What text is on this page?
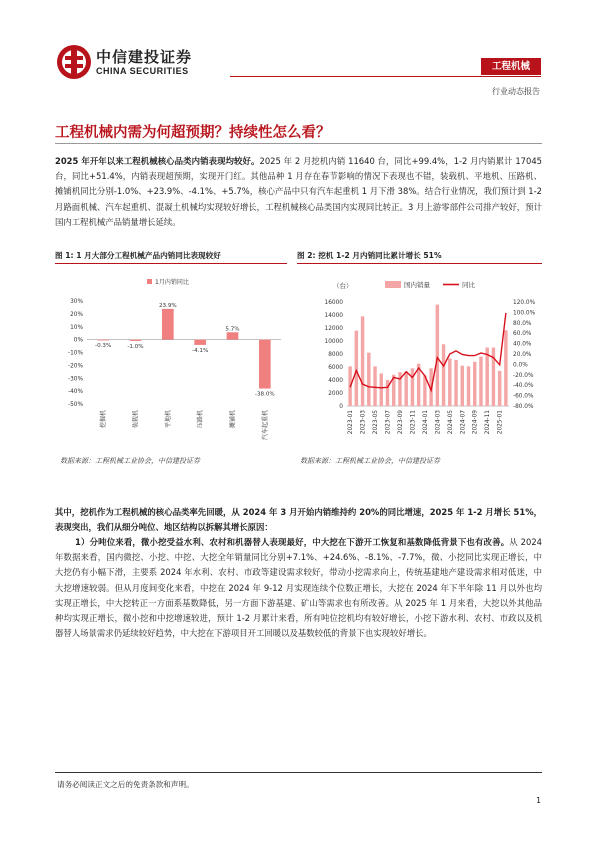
中信建投证券
CHINA SECURITIES	工程机械
行业动态报告
工程机械内需为何超预期？持续性怎么看？
2025 年开年以来工程机械核心品类内销表现均较好。2025 年 2 月挖机内销 11640 台，同比+99.4%，1-2 月内销累计 17045 台，同比+51.4%，内销表现超预期，实现开门红。其他品种 1 月存在春节影响的情况下表现也不错，装载机、平地机、压路机、摊铺机同比分别-1.0%、+23.9%、-4.1%、+5.7%，核心产品中只有汽车起重机 1 月下滑 38%。结合行业情况，我们预计到 1-2 月路面机械、汽车起重机、混凝土机械均实现较好增长，工程机械核心品类国内实现同比转正。3 月上游零部件公司排产较好，预计国内工程机械产品销量增长延续。
图 1: 1 月大部分工程机械产品内销同比表现较好
1月内销同比
30%
20%
10%
0%
-10%
-20%
-30%
-40%
-50%
-0.3%
挖掘机
-1.0%
装载机
23.9%
平地机
-4.1%
压路机
5.7%
摊铺机
-38.0%
汽车起重机
数据来源：工程机械工业协会，中信建投证券
图 2: 挖机 1-2 月内销同比累计增长 51%
（台）	国内销量	同比
16000
14000
12000
10000
8000
6000
4000
2000
0
120.0%
100.0%
80.0%
60.0%
40.0%
20.0%
0.0%
-20.0%
-40.0%
-60.0%
-80.0%
2023-01 2023-03 2023-05 2023-07 2023-09 2023-11 2024-01 2024-03 2024-05 2024-07 2024-09 2024-11 2025-01
数据来源：工程机械工业协会，中信建投证券
其中，挖机作为工程机械的核心品类率先回暖，从 2024 年 3 月开始内销维持约 20%的同比增速，2025 年 1-2 月增长 51%，表现突出，我们从细分吨位、地区结构以拆解其增长原因：
1）分吨位来看，微小挖受益水利、农村和机器替人表现最好，中大挖在下游开工恢复和基数降低背景下也有改善。从 2024 年数据来看，国内微挖、小挖、中挖、大挖全年销量同比分别+7.1%、+24.6%、-8.1%、-7.7%，微、小挖同比实现正增长，中大挖仍有小幅下滑，主要系 2024 年水利、农村、市政等建设需求较好，带动小挖需求向上，传统基建地产建设需求相对低迷，中大挖增速较弱。但从月度间变化来看，中挖在 2024 年 9-12 月实现连续个位数正增长，大挖在 2024 年下半年除 11 月以外也均实现正增长，中大挖转正一方面系基数降低，另一方面下游基建、矿山等需求也有所改善。从 2025 年 1 月来看，大挖以外其他品种均实现正增长，微小挖和中挖增速较进，预计 1-2 月累计来看，所有吨位挖机均有较好增长，小挖下游水利、农村、市政以及机器替人场景需求仍延续较好趋势，中大挖在下游项目开工回暖以及基数较低的背景下也实现较好增长。
请务必阅读正文之后的免责条款和声明。
1
